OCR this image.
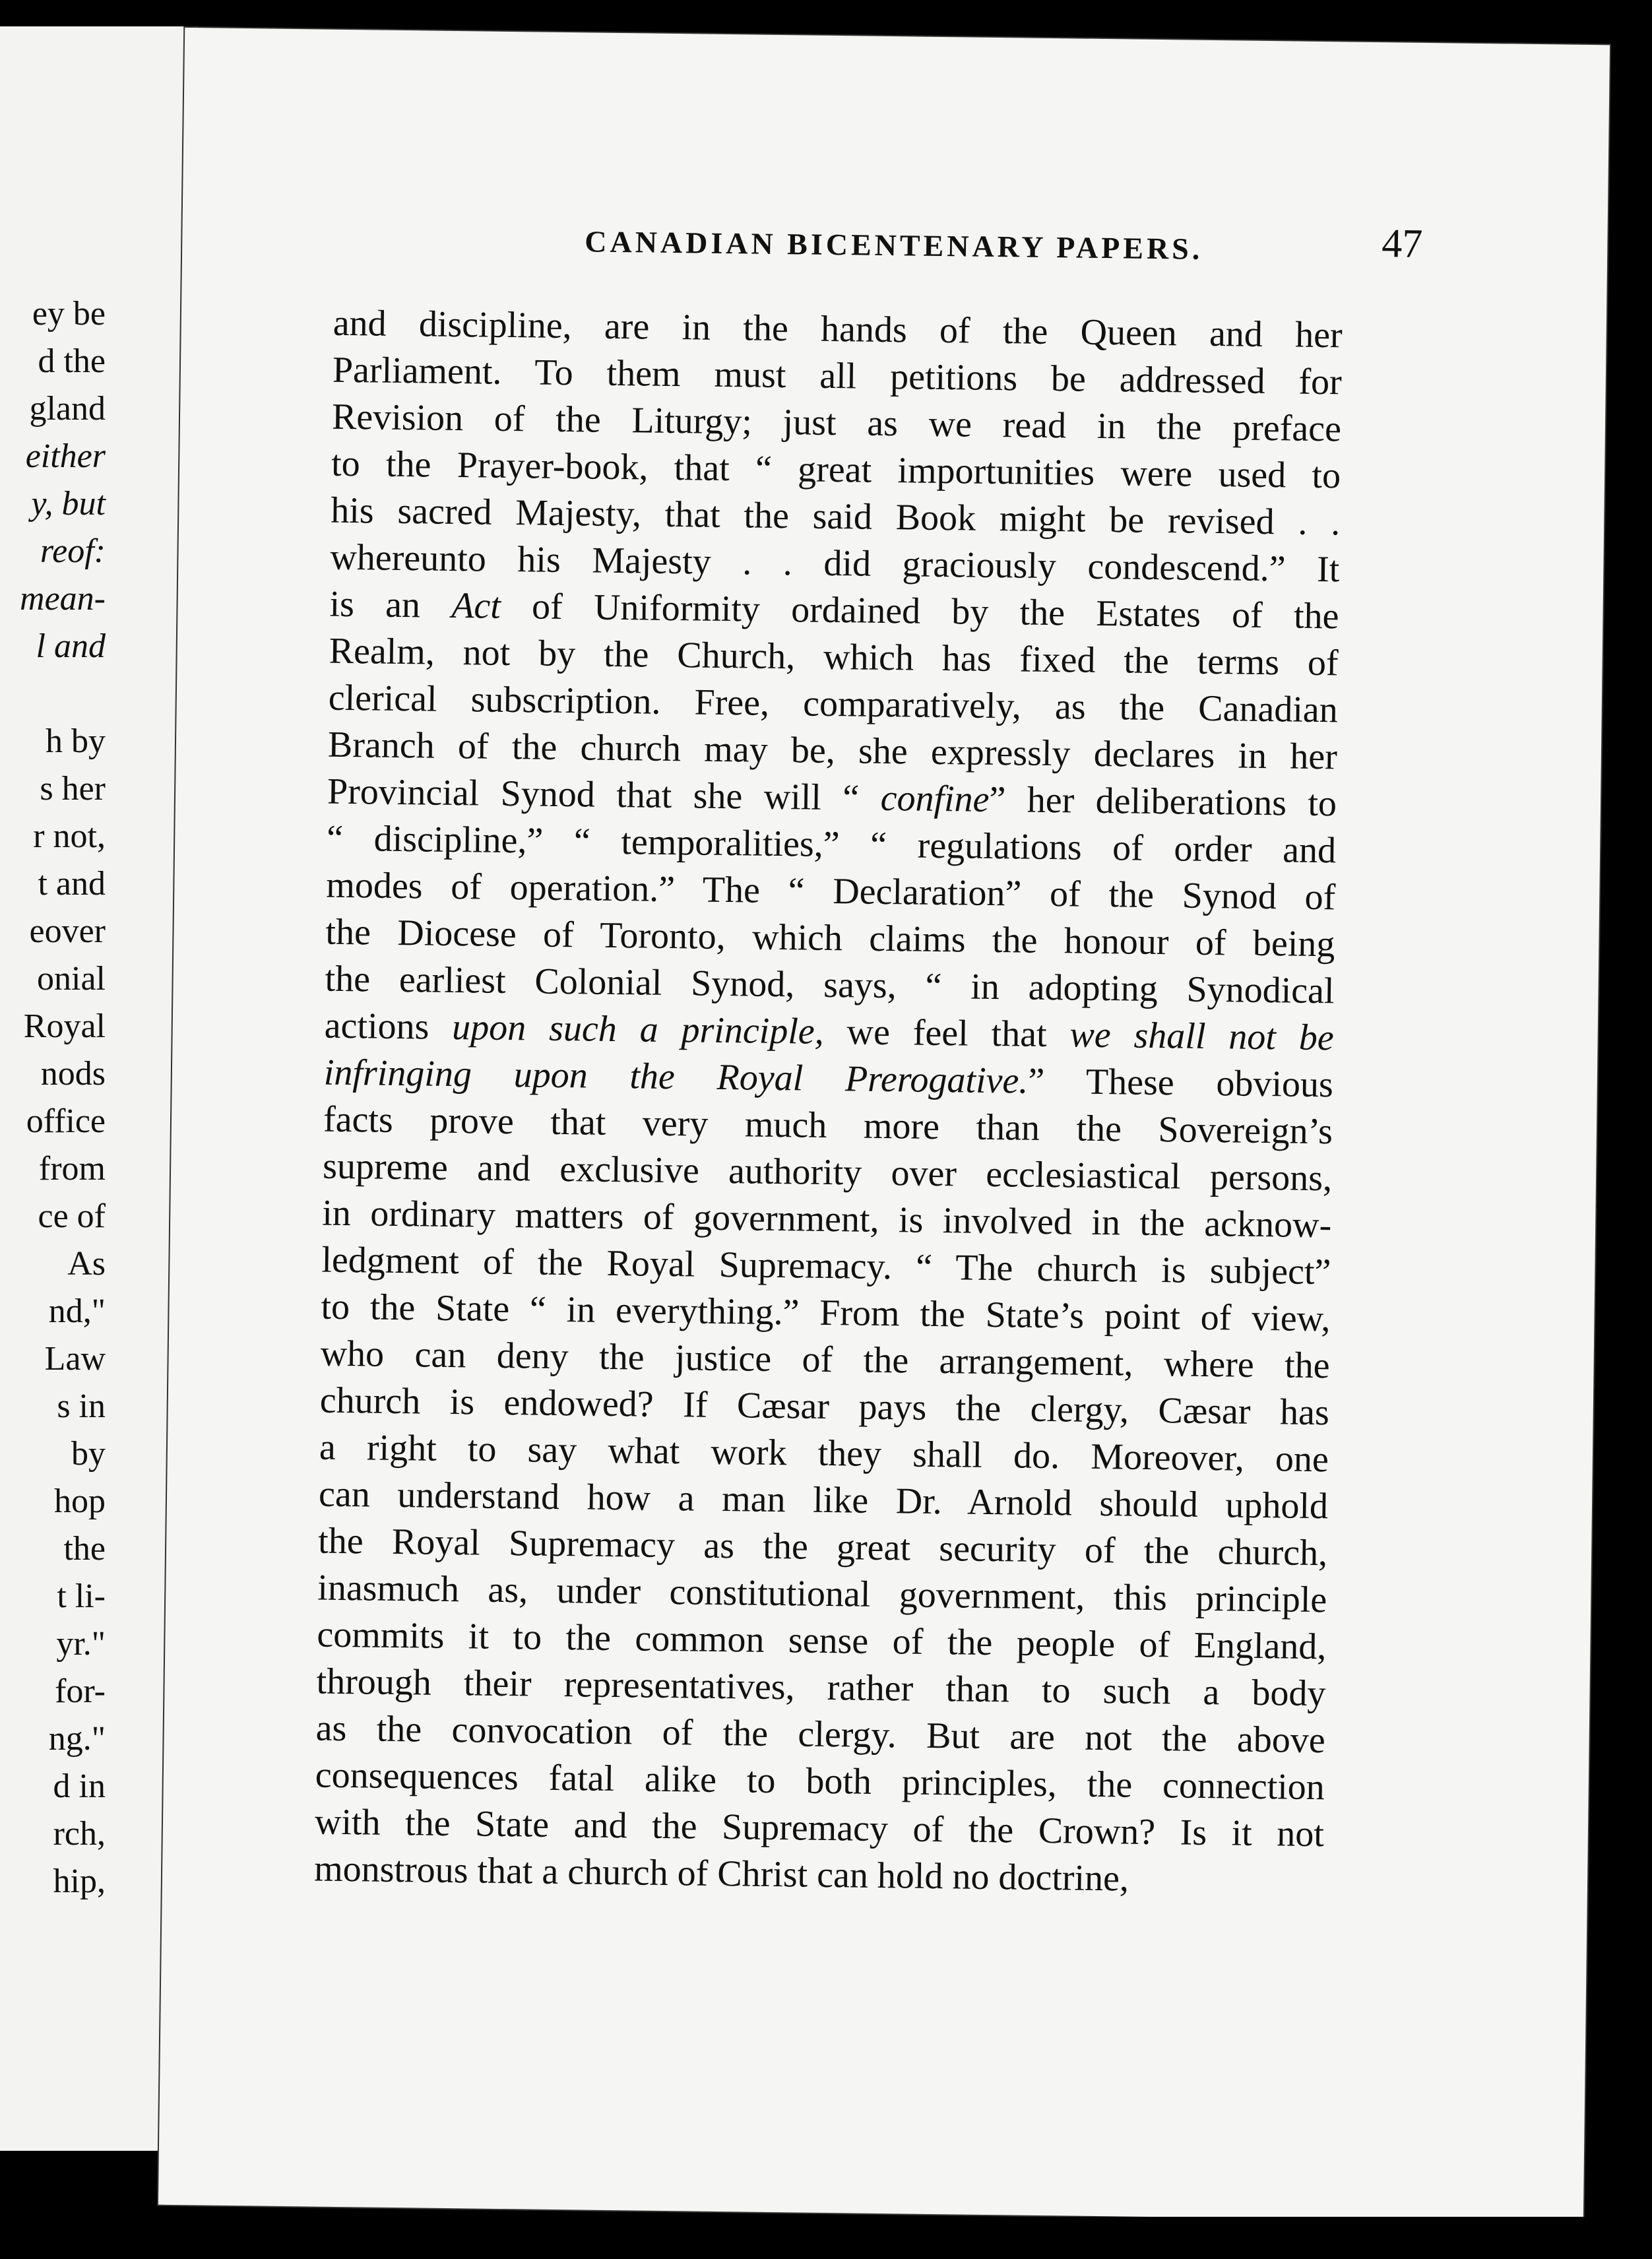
ey be
d the
gland
either
y, but
reof:
mean-
l and
h by
s her
r not,
t and
eover
onial
Royal
nods
office
from
ce of
As
nd,"
Law
s in
by
hop
the
t li-
yr."
for-
ng."
d in
rch,
hip,
CANADIAN BICENTENARY PAPERS.	47
and discipline, are in the hands of the Queen and her
Parliament. To them must all petitions be addressed for
Revision of the Liturgy; just as we read in the preface
to the Prayer-book, that “ great importunities were used to
his sacred Majesty, that the said Book might be revised . .
whereunto his Majesty . . did graciously condescend.” It
is an Act of Uniformity ordained by the Estates of the
Realm, not by the Church, which has fixed the terms of
clerical subscription. Free, comparatively, as the Canadian
Branch of the church may be, she expressly declares in her
Provincial Synod that she will “ confine” her deliberations to
“ discipline,” “ temporalities,” “ regulations of order and
modes of operation.” The “ Declaration” of the Synod of
the Diocese of Toronto, which claims the honour of being
the earliest Colonial Synod, says, “ in adopting Synodical
actions upon such a principle, we feel that we shall not be
infringing upon the Royal Prerogative.” These obvious
facts prove that very much more than the Sovereign’s
supreme and exclusive authority over ecclesiastical persons,
in ordinary matters of government, is involved in the acknow-
ledgment of the Royal Supremacy. “ The church is subject”
to the State “ in everything.” From the State’s point of view,
who can deny the justice of the arrangement, where the
church is endowed? If Cæsar pays the clergy, Cæsar has
a right to say what work they shall do. Moreover, one
can understand how a man like Dr. Arnold should uphold
the Royal Supremacy as the great security of the church,
inasmuch as, under constitutional government, this principle
commits it to the common sense of the people of England,
through their representatives, rather than to such a body
as the convocation of the clergy. But are not the above
consequences fatal alike to both principles, the connection
with the State and the Supremacy of the Crown? Is it not
monstrous that a church of Christ can hold no doctrine,
